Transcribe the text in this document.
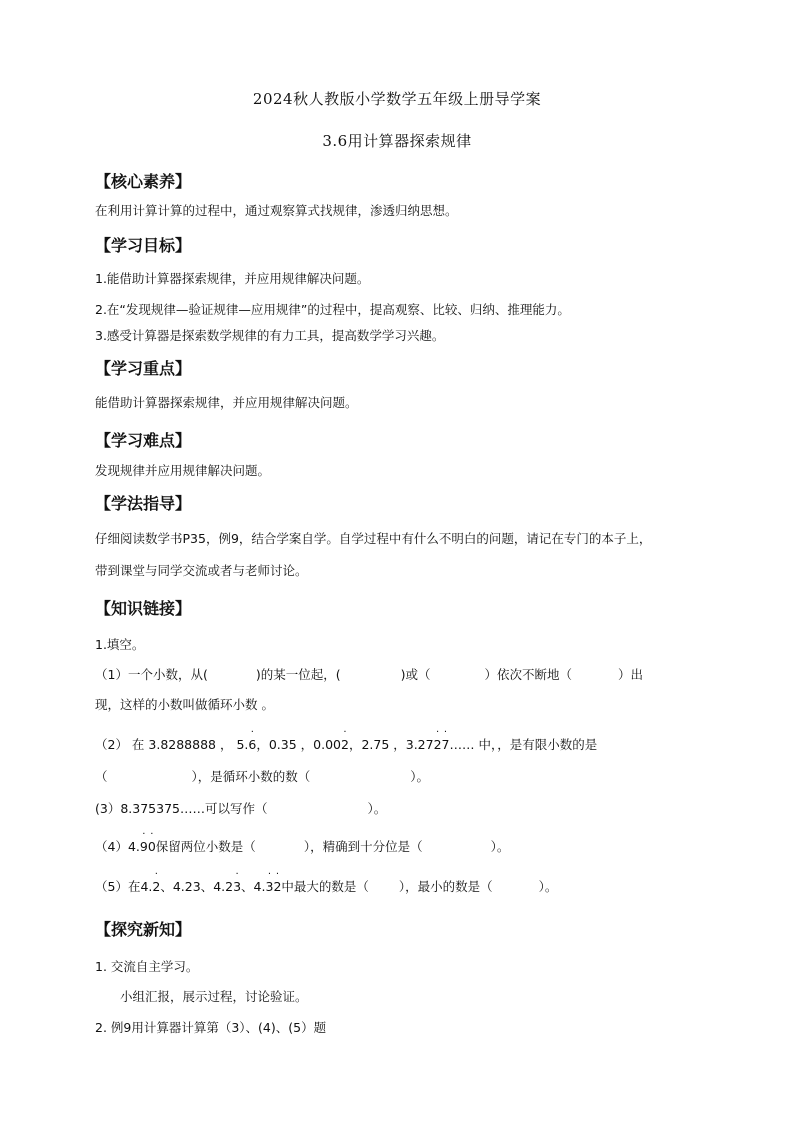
2024秋人教版小学数学五年级上册导学案
3.6用计算器探索规律
【核心素养】
在利用计算计算的过程中，通过观察算式找规律，渗透归纳思想。
【学习目标】
1.能借助计算器探索规律，并应用规律解决问题。
2.在“发现规律—验证规律—应用规律”的过程中，提高观察、比较、归纳、推理能力。
3.感受计算器是探索数学规律的有力工具，提高数学学习兴趣。
【学习重点】
能借助计算器探索规律，并应用规律解决问题。
【学习难点】
发现规律并应用规律解决问题。
【学法指导】
仔细阅读数学书P35，例9，结合学案自学。自学过程中有什么不明白的问题，请记在专门的本子上，
带到课堂与同学交流或者与老师讨论。
【知识链接】
1.填空。
（1）一个小数，从(	)的某一位起，(	)或（	）依次不断地（	）出
现，这样的小数叫做循环小数 。
（2） 在 3.8288888 ， 5.· 6，0.35 ，0.00· 2，2.75 ，3.27· 2· 7…… 中，，是有限小数的是
（	），是循环小数的数（	）。
(3）8.375375……可以写作（	）。
（4）4.· 9· 0保留两位小数是（	），精确到十分位是（	）。
（5）在4.· 2、4.23、4.2· 3、4.· 3· 2中最大的数是（ ），最小的数是（	）。
【探究新知】
1. 交流自主学习。
小组汇报，展示过程，讨论验证。
2. 例9用计算器计算第（3）、(4)、(5）题
